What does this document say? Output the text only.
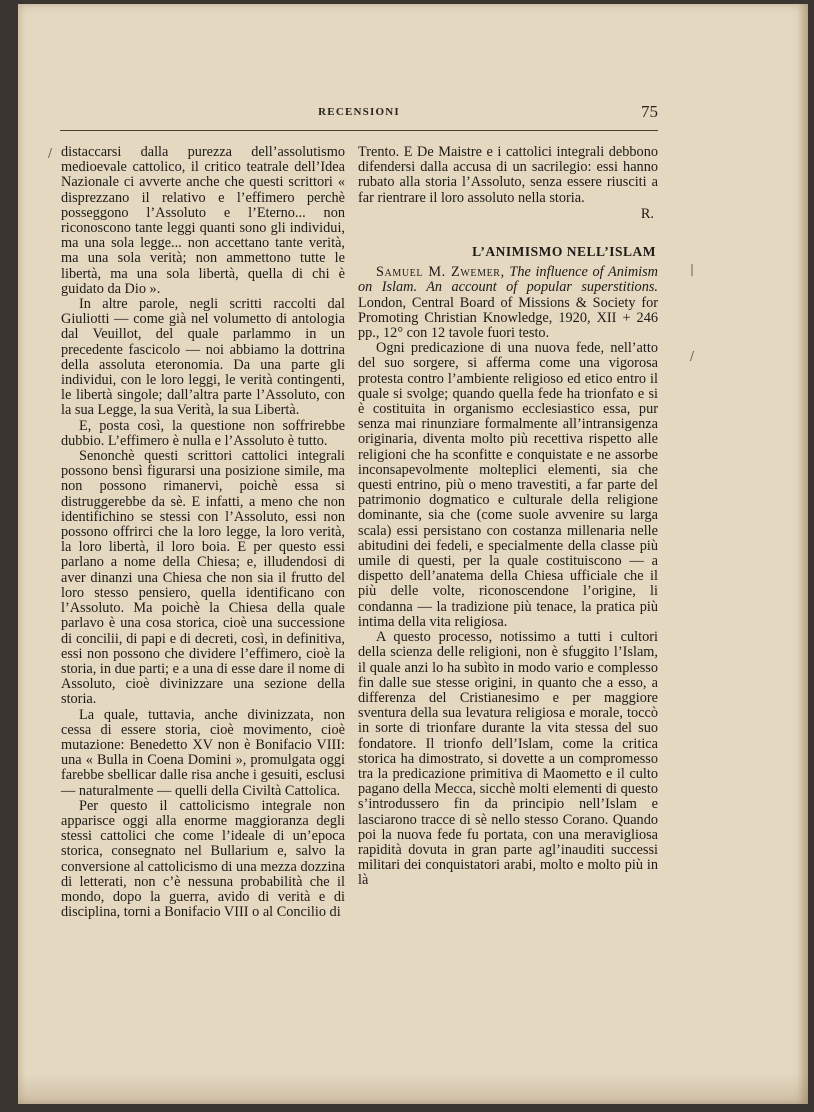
RECENSIONI	75

distaccarsi dalla purezza dell’assolutismo medioevale cattolico, il critico teatrale dell’Idea Nazionale ci avverte anche che questi scrittori « disprezzano il relativo e l’effimero perchè posseggono l’Assoluto e l’Eterno... non riconoscono tante leggi quanti sono gli individui, ma una sola legge... non accettano tante verità, ma una sola verità; non ammettono tutte le libertà, ma una sola libertà, quella di chi è guidato da Dio ».

In altre parole, negli scritti raccolti dal Giuliotti — come già nel volumetto di antologia dal Veuillot, del quale parlammo in un precedente fascicolo — noi abbiamo la dottrina della assoluta eteronomia. Da una parte gli individui, con le loro leggi, le verità contingenti, le libertà singole; dall’altra parte l’Assoluto, con la sua Legge, la sua Verità, la sua Libertà.

E, posta così, la questione non soffrirebbe dubbio. L’effimero è nulla e l’Assoluto è tutto.

Senonchè questi scrittori cattolici integrali possono bensì figurarsi una posizione simile, ma non possono rimanervi, poichè essa si distruggerebbe da sè. E infatti, a meno che non identifichino se stessi con l’Assoluto, essi non possono offrirci che la loro legge, la loro verità, la loro libertà, il loro boia. E per questo essi parlano a nome della Chiesa; e, illudendosi di aver dinanzi una Chiesa che non sia il frutto del loro stesso pensiero, quella identificano con l’Assoluto. Ma poichè la Chiesa della quale parlavo è una cosa storica, cioè una successione di concilii, di papi e di decreti, così, in definitiva, essi non possono che dividere l’effimero, cioè la storia, in due parti; e a una di esse dare il nome di Assoluto, cioè divinizzare una sezione della storia.

La quale, tuttavia, anche divinizzata, non cessa di essere storia, cioè movimento, cioè mutazione: Benedetto XV non è Bonifacio VIII: una « Bulla in Coena Domini », promulgata oggi farebbe sbellicar dalle risa anche i gesuiti, esclusi — naturalmente — quelli della Civiltà Cattolica.

Per questo il cattolicismo integrale non apparisce oggi alla enorme maggioranza degli stessi cattolici che come l’ideale di un’epoca storica, consegnato nel Bullarium e, salvo la conversione al cattolicismo di una mezza dozzina di letterati, non c’è nessuna probabilità che il mondo, dopo la guerra, avido di verità e di disciplina, torni a Bonifacio VIII o al Concilio di

Trento. E De Maistre e i cattolici integrali debbono difendersi dalla accusa di un sacrilegio: essi hanno rubato alla storia l’Assoluto, senza essere riusciti a far rientrare il loro assoluto nella storia.

R.
L’ANIMISMO NELL’ISLAM

Samuel M. Zwemer, The influence of Animism on Islam. An account of popular superstitions. London, Central Board of Missions & Society for Promoting Christian Knowledge, 1920, XII + 246 pp., 12° con 12 tavole fuori testo.

Ogni predicazione di una nuova fede, nell’atto del suo sorgere, si afferma come una vigorosa protesta contro l’ambiente religioso ed etico entro il quale si svolge; quando quella fede ha trionfato e si è costituita in organismo ecclesiastico essa, pur senza mai rinunziare formalmente all’intransigenza originaria, diventa molto più recettiva rispetto alle religioni che ha sconfitte e conquistate e ne assorbe inconsapevolmente molteplici elementi, sia che questi entrino, più o meno travestiti, a far parte del patrimonio dogmatico e culturale della religione dominante, sia che (come suole avvenire su larga scala) essi persistano con costanza millenaria nelle abitudini dei fedeli, e specialmente della classe più umile di questi, per la quale costituiscono — a dispetto dell’anatema della Chiesa ufficiale che il più delle volte, riconoscendone l’origine, li condanna — la tradizione più tenace, la pratica più intima della vita religiosa.

A questo processo, notissimo a tutti i cultori della scienza delle religioni, non è sfuggito l’Islam, il quale anzi lo ha subìto in modo vario e complesso fin dalle sue stesse origini, in quanto che a esso, a differenza del Cristianesimo e per maggiore sventura della sua levatura religiosa e morale, toccò in sorte di trionfare durante la vita stessa del suo fondatore. Il trionfo dell’Islam, come la critica storica ha dimostrato, si dovette a un compromesso tra la predicazione primitiva di Maometto e il culto pagano della Mecca, sicchè molti elementi di questo s’introdussero fin da principio nell’Islam e lasciarono tracce di sè nello stesso Corano. Quando poi la nuova fede fu portata, con una meravigliosa rapidità dovuta in gran parte agl’inauditi successi militari dei conquistatori arabi, molto e molto più in là

/
|
/
